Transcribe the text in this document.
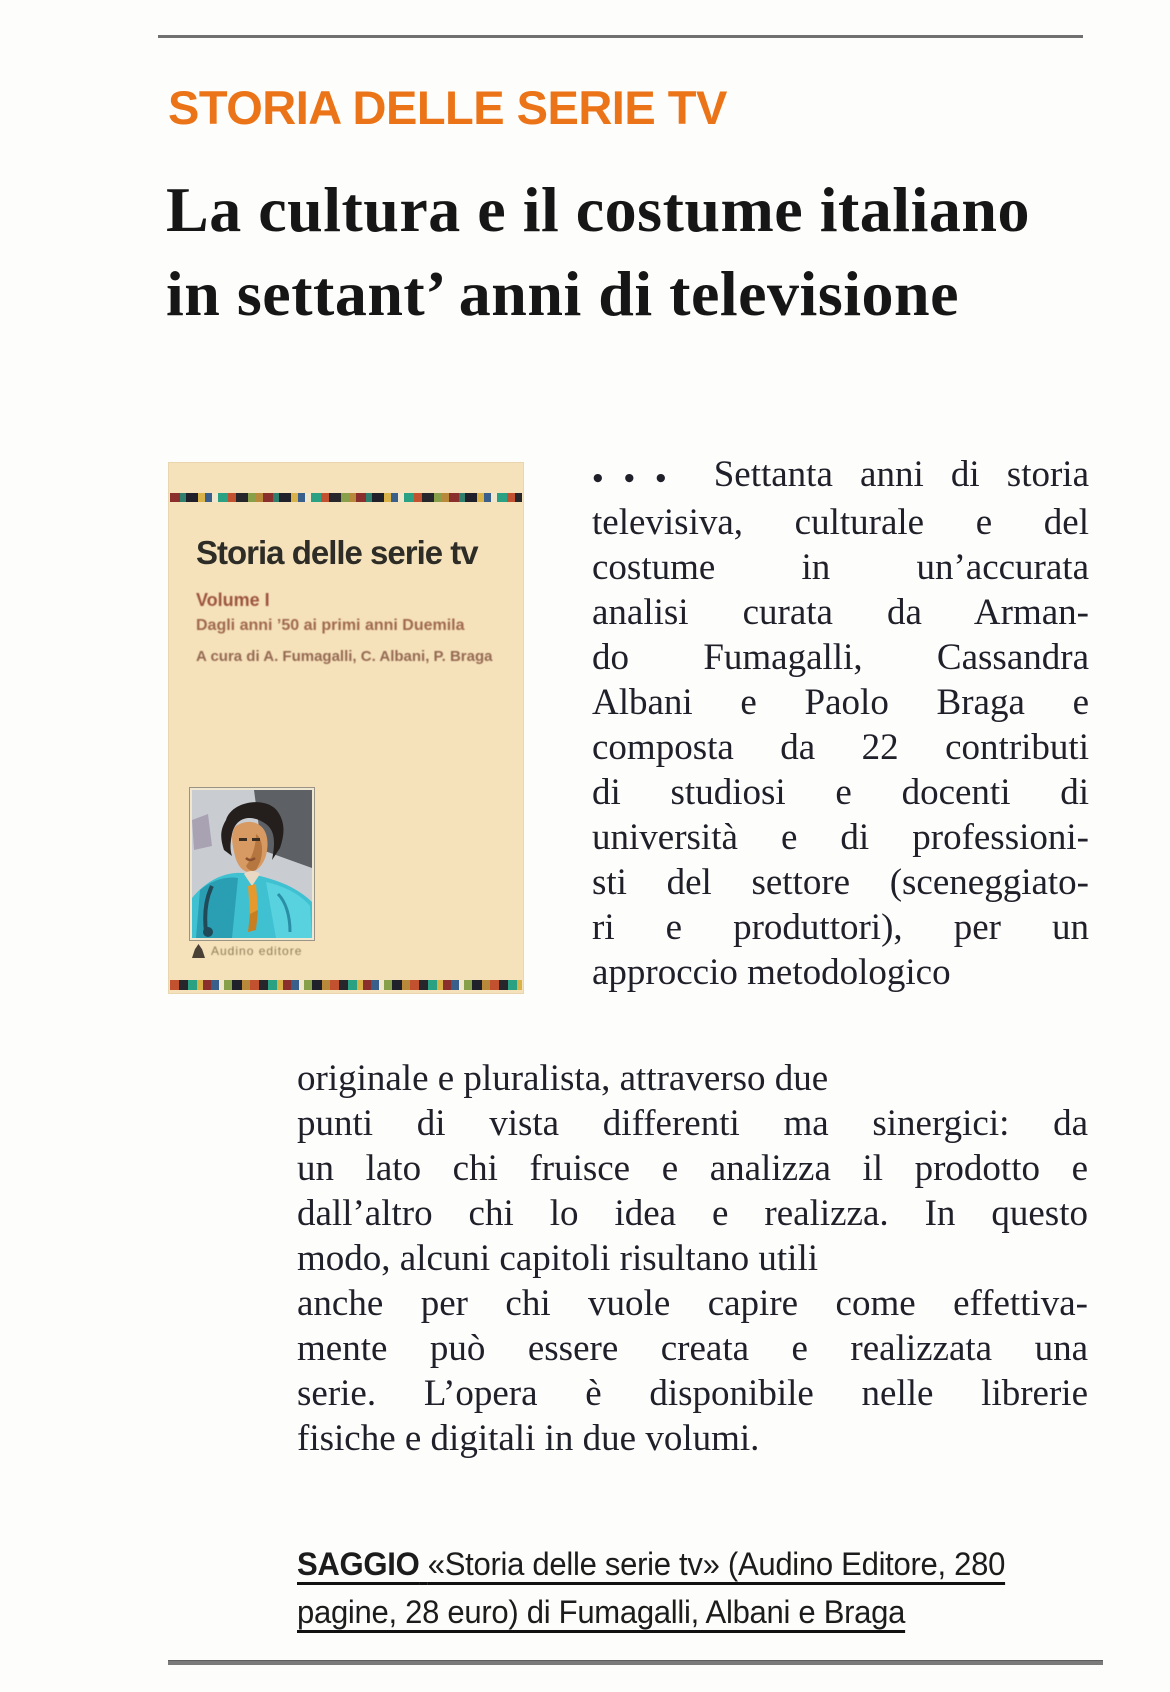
STORIA DELLE SERIE TV
La cultura e il costume italiano
in settant’ anni di televisione
Storia delle serie tv
Volume I
Dagli anni ’50 ai primi anni Duemila
A cura di A. Fumagalli, C. Albani, P. Braga
Audino editore
●●● Settanta anni di storia
televisiva, culturale e del
costume in un’accurata
analisi curata da Arman-
do Fumagalli, Cassandra
Albani e Paolo Braga e
composta da 22 contributi
di studiosi e docenti di
università e di professioni-
sti del settore (sceneggiato-
ri e produttori), per un
approccio metodologico
originale e pluralista, attraverso due
punti di vista differenti ma sinergici: da
un lato chi fruisce e analizza il prodotto e
dall’altro chi lo idea e realizza. In questo
modo, alcuni capitoli risultano utili
anche per chi vuole capire come effettiva-
mente può essere creata e realizzata una
serie. L’opera è disponibile nelle librerie
fisiche e digitali in due volumi.
SAGGIO «Storia delle serie tv» (Audino Editore, 280
pagine, 28 euro) di Fumagalli, Albani e Braga
